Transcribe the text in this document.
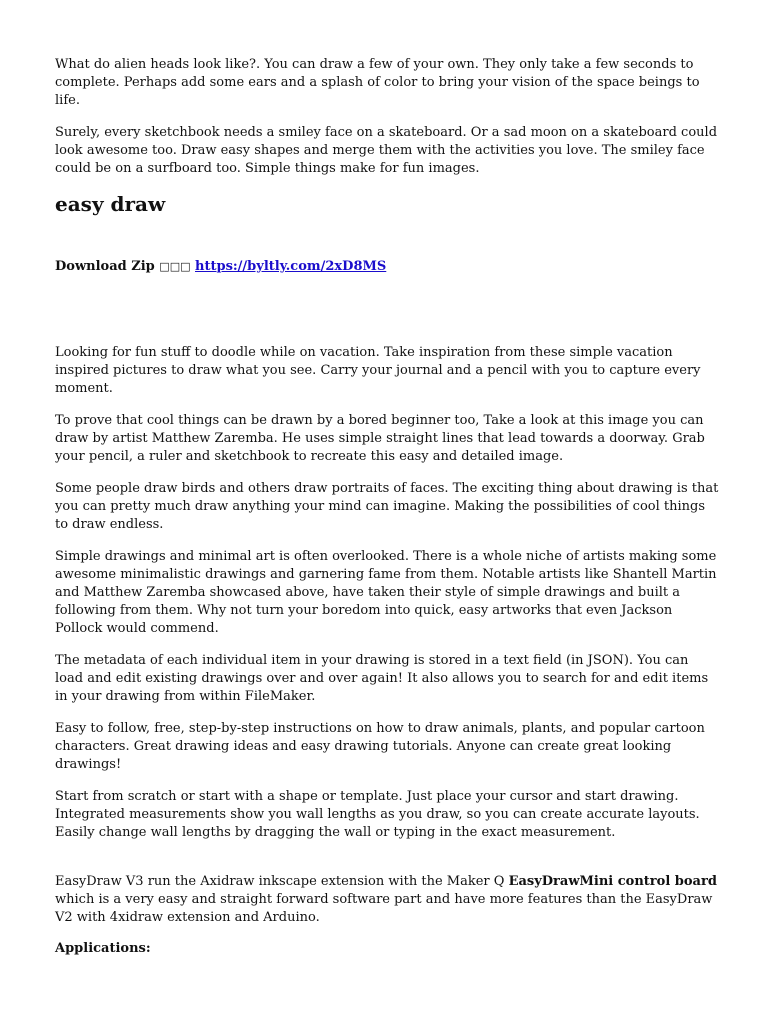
What do alien heads look like?. You can draw a few of your own. They only take a few seconds to complete. Perhaps add some ears and a splash of color to bring your vision of the space beings to life.

Surely, every sketchbook needs a smiley face on a skateboard. Or a sad moon on a skateboard could look awesome too. Draw easy shapes and merge them with the activities you love. The smiley face could be on a surfboard too. Simple things make for fun images.

easy draw
Download Zip □□□ https://byltly.com/2xD8MS

Looking for fun stuff to doodle while on vacation. Take inspiration from these simple vacation inspired pictures to draw what you see. Carry your journal and a pencil with you to capture every moment.

To prove that cool things can be drawn by a bored beginner too, Take a look at this image you can draw by artist Matthew Zaremba. He uses simple straight lines that lead towards a doorway. Grab your pencil, a ruler and sketchbook to recreate this easy and detailed image.

Some people draw birds and others draw portraits of faces. The exciting thing about drawing is that you can pretty much draw anything your mind can imagine. Making the possibilities of cool things to draw endless.

Simple drawings and minimal art is often overlooked. There is a whole niche of artists making some awesome minimalistic drawings and garnering fame from them. Notable artists like Shantell Martin and Matthew Zaremba showcased above, have taken their style of simple drawings and built a following from them. Why not turn your boredom into quick, easy artworks that even Jackson Pollock would commend.

The metadata of each individual item in your drawing is stored in a text field (in JSON). You can load and edit existing drawings over and over again! It also allows you to search for and edit items in your drawing from within FileMaker.

Easy to follow, free, step-by-step instructions on how to draw animals, plants, and popular cartoon characters. Great drawing ideas and easy drawing tutorials. Anyone can create great looking drawings!

Start from scratch or start with a shape or template. Just place your cursor and start drawing. Integrated measurements show you wall lengths as you draw, so you can create accurate layouts. Easily change wall lengths by dragging the wall or typing in the exact measurement.

EasyDraw V3 run the Axidraw inkscape extension with the Maker Q EasyDrawMini control board which is a very easy and straight forward software part and have more features than the EasyDraw V2 with 4xidraw extension and Arduino.

Applications:
